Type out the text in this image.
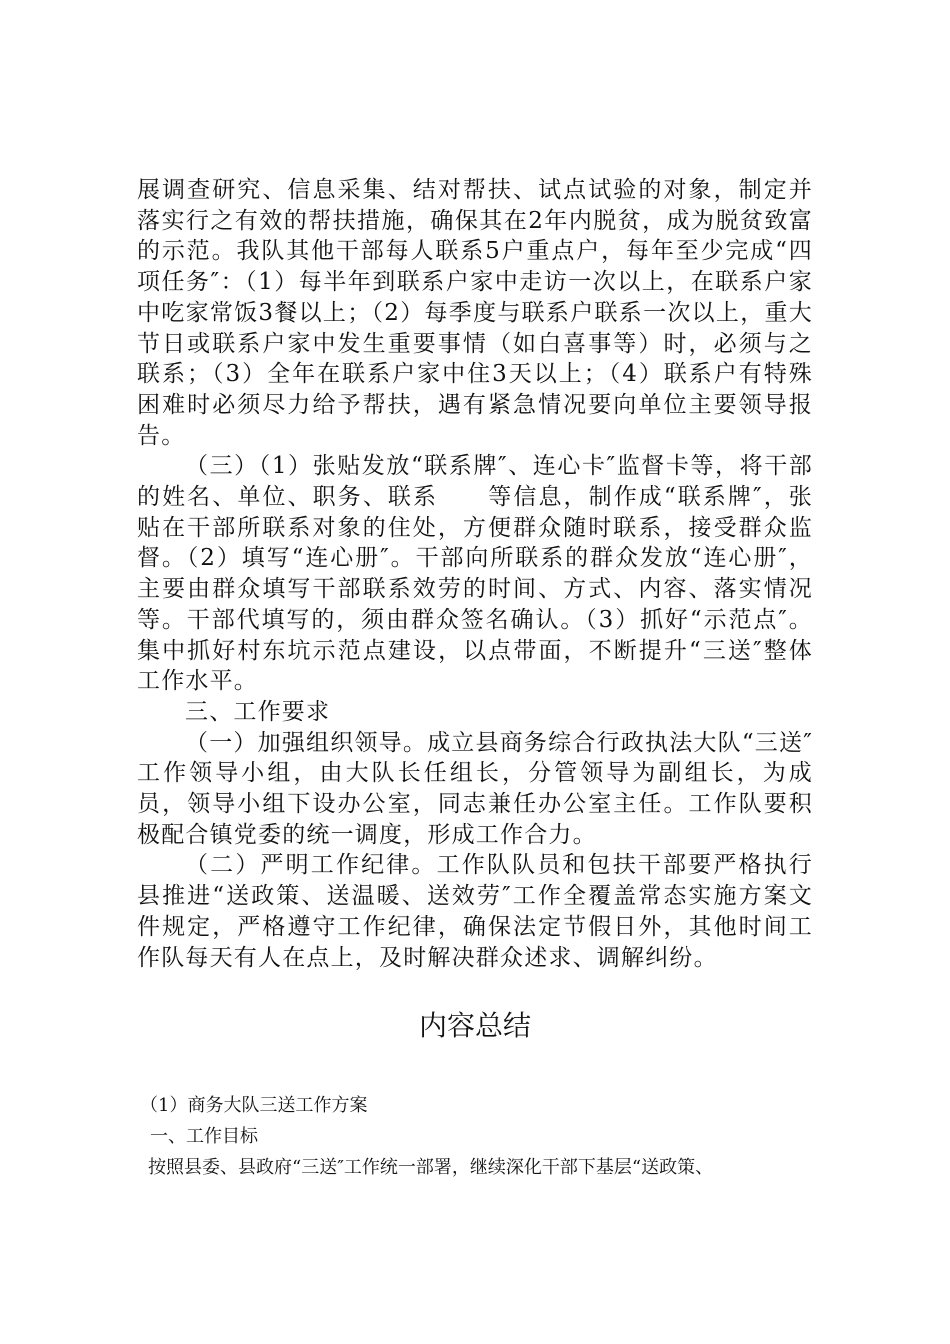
展调查研究、信息采集、结对帮扶、试点试验的对象，制定并落实行之有效的帮扶措施，确保其在2年内脱贫，成为脱贫致富的示范。我队其他干部每人联系5户重点户，每年至少完成“四项任务″：（1）每半年到联系户家中走访一次以上，在联系户家中吃家常饭3餐以上；（2）每季度与联系户联系一次以上，重大节日或联系户家中发生重要事情（如白喜事等）时，必须与之联系；（3）全年在联系户家中住3天以上；（4）联系户有特殊困难时必须尽力给予帮扶，遇有紧急情况要向单位主要领导报告。

（三）（1）张贴发放“联系牌″、连心卡″监督卡等，将干部的姓名、单位、职务、联系　　等信息，制作成“联系牌″，张贴在干部所联系对象的住处，方便群众随时联系，接受群众监督。（2）填写“连心册″。干部向所联系的群众发放“连心册″，主要由群众填写干部联系效劳的时间、方式、内容、落实情况等。干部代填写的，须由群众签名确认。（3）抓好“示范点″。集中抓好村东坑示范点建设，以点带面，不断提升“三送″整体工作水平。

三、工作要求

（一）加强组织领导。成立县商务综合行政执法大队“三送″工作领导小组，由大队长任组长，分管领导为副组长，为成员，领导小组下设办公室，同志兼任办公室主任。工作队要积极配合镇党委的统一调度，形成工作合力。

（二）严明工作纪律。工作队队员和包扶干部要严格执行县推进“送政策、送温暖、送效劳″工作全覆盖常态实施方案文件规定，严格遵守工作纪律，确保法定节假日外，其他时间工作队每天有人在点上，及时解决群众述求、调解纠纷。

内容总结

（1）商务大队三送工作方案

一、工作目标

按照县委、县政府“三送″工作统一部署，继续深化干部下基层“送政策、
